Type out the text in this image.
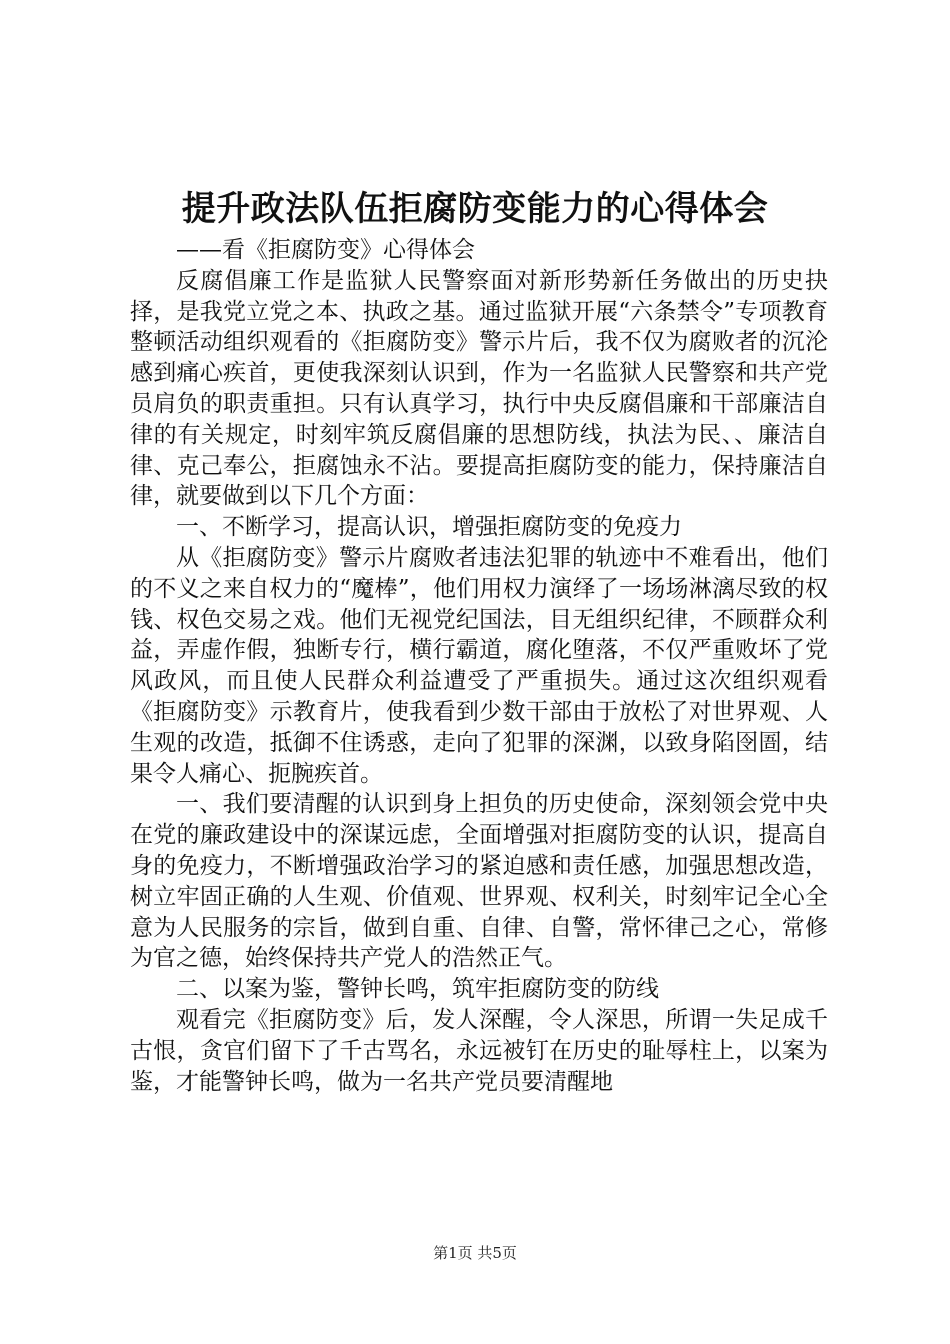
提升政法队伍拒腐防变能力的心得体会
——看《拒腐防变》心得体会

反腐倡廉工作是监狱人民警察面对新形势新任务做出的历史抉择，是我党立党之本、执政之基。通过监狱开展“六条禁令”专项教育整顿活动组织观看的《拒腐防变》警示片后，我不仅为腐败者的沉沦感到痛心疾首，更使我深刻认识到，作为一名监狱人民警察和共产党员肩负的职责重担。只有认真学习，执行中央反腐倡廉和干部廉洁自律的有关规定，时刻牢筑反腐倡廉的思想防线，执法为民、、廉洁自律、克己奉公，拒腐蚀永不沾。要提高拒腐防变的能力，保持廉洁自律，就要做到以下几个方面：

一、不断学习，提高认识，增强拒腐防变的免疫力

从《拒腐防变》警示片腐败者违法犯罪的轨迹中不难看出，他们的不义之来自权力的“魔棒”，他们用权力演绎了一场场淋漓尽致的权钱、权色交易之戏。他们无视党纪国法，目无组织纪律，不顾群众利益，弄虚作假，独断专行，横行霸道，腐化堕落，不仅严重败坏了党风政风，而且使人民群众利益遭受了严重损失。通过这次组织观看《拒腐防变》示教育片，使我看到少数干部由于放松了对世界观、人生观的改造，抵御不住诱惑，走向了犯罪的深渊，以致身陷囹圄，结果令人痛心、扼腕疾首。

一、我们要清醒的认识到身上担负的历史使命，深刻领会党中央在党的廉政建设中的深谋远虑，全面增强对拒腐防变的认识，提高自身的免疫力，不断增强政治学习的紧迫感和责任感，加强思想改造，树立牢固正确的人生观、价值观、世界观、权利关，时刻牢记全心全意为人民服务的宗旨，做到自重、自律、自警，常怀律己之心，常修为官之德，始终保持共产党人的浩然正气。

二、以案为鉴，警钟长鸣，筑牢拒腐防变的防线

观看完《拒腐防变》后，发人深醒，令人深思，所谓一失足成千古恨，贪官们留下了千古骂名，永远被钉在历史的耻辱柱上，以案为鉴，才能警钟长鸣，做为一名共产党员要清醒地

第1页 共5页
